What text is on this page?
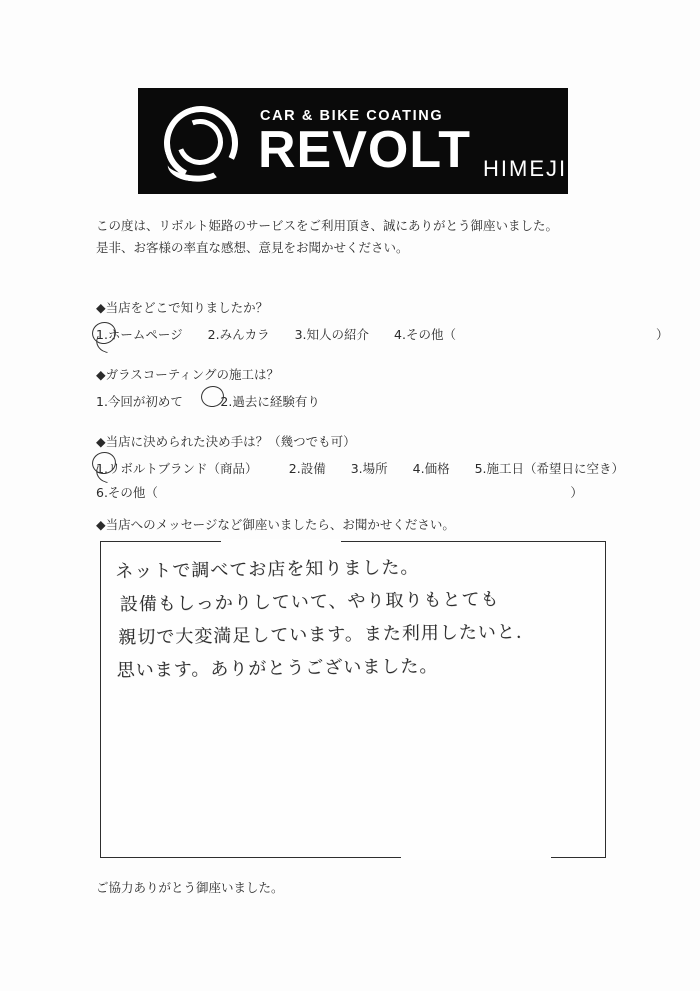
CAR & BIKE COATING
REVOLT HIMEJI
この度は、リボルト姫路のサービスをご利用頂き、誠にありがとう御座いました。
是非、お客様の率直な感想、意見をお聞かせください。
◆当店をどこで知りましたか？
1.ホームページ　　2.みんカラ　　3.知人の紹介　　4.その他（　　　　　　　　　　　　　　　　）
◆ガラスコーティングの施工は？
1.今回が初めて　　　2.過去に経験有り
◆当店に決められた決め手は？（幾つでも可）
1.リボルトブランド（商品）　　　2.設備　　3.場所　　4.価格　　5.施工日（希望日に空き）
6.その他（　　　　　　　　　　　　　　　　　　　　　　　　　　　　　　　　　）
◆当店へのメッセージなど御座いましたら、お聞かせください。
ネットで調べてお店を知りました。
設備もしっかりしていて、やり取りもとても
親切で大変満足しています。また利用したいと.
思います。ありがとうございました。
ご協力ありがとう御座いました。
